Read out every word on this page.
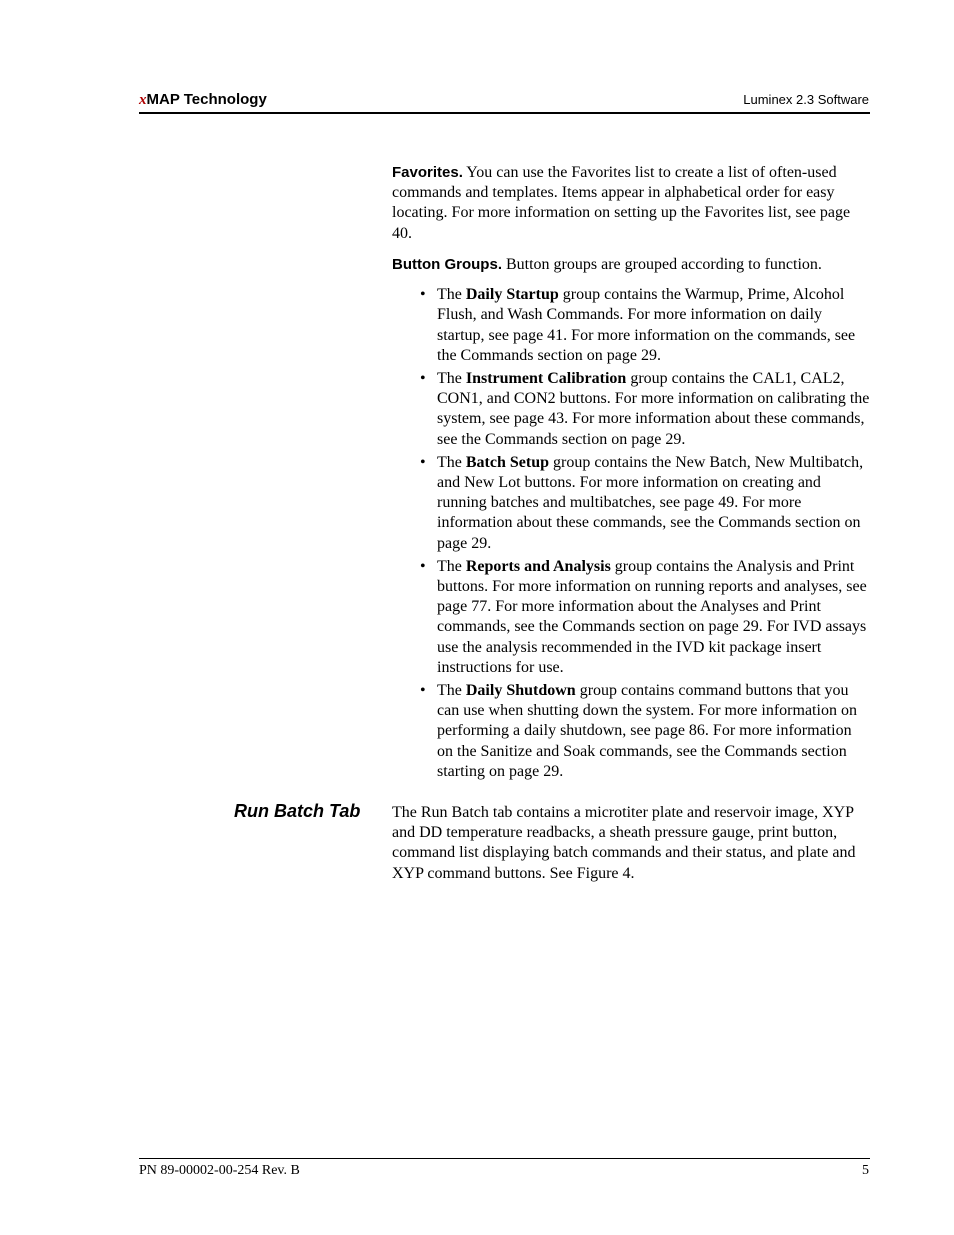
xMAP Technology	Luminex 2.3 Software

Favorites. You can use the Favorites list to create a list of often-used commands and templates. Items appear in alphabetical order for easy locating. For more information on setting up the Favorites list, see page 40.

Button Groups. Button groups are grouped according to function.

• The Daily Startup group contains the Warmup, Prime, Alcohol Flush, and Wash Commands. For more information on daily startup, see page 41. For more information on the commands, see the Commands section on page 29.
• The Instrument Calibration group contains the CAL1, CAL2, CON1, and CON2 buttons. For more information on calibrating the system, see page 43. For more information about these commands, see the Commands section on page 29.
• The Batch Setup group contains the New Batch, New Multibatch, and New Lot buttons. For more information on creating and running batches and multibatches, see page 49. For more information about these commands, see the Commands section on page 29.
• The Reports and Analysis group contains the Analysis and Print buttons. For more information on running reports and analyses, see page 77. For more information about the Analyses and Print commands, see the Commands section on page 29. For IVD assays use the analysis recommended in the IVD kit package insert instructions for use.
• The Daily Shutdown group contains command buttons that you can use when shutting down the system. For more information on performing a daily shutdown, see page 86. For more information on the Sanitize and Soak commands, see the Commands section starting on page 29.
Run Batch Tab The Run Batch tab contains a microtiter plate and reservoir image, XYP and DD temperature readbacks, a sheath pressure gauge, print button, command list displaying batch commands and their status, and plate and XYP command buttons. See Figure 4.

PN 89-00002-00-254 Rev. B	5
